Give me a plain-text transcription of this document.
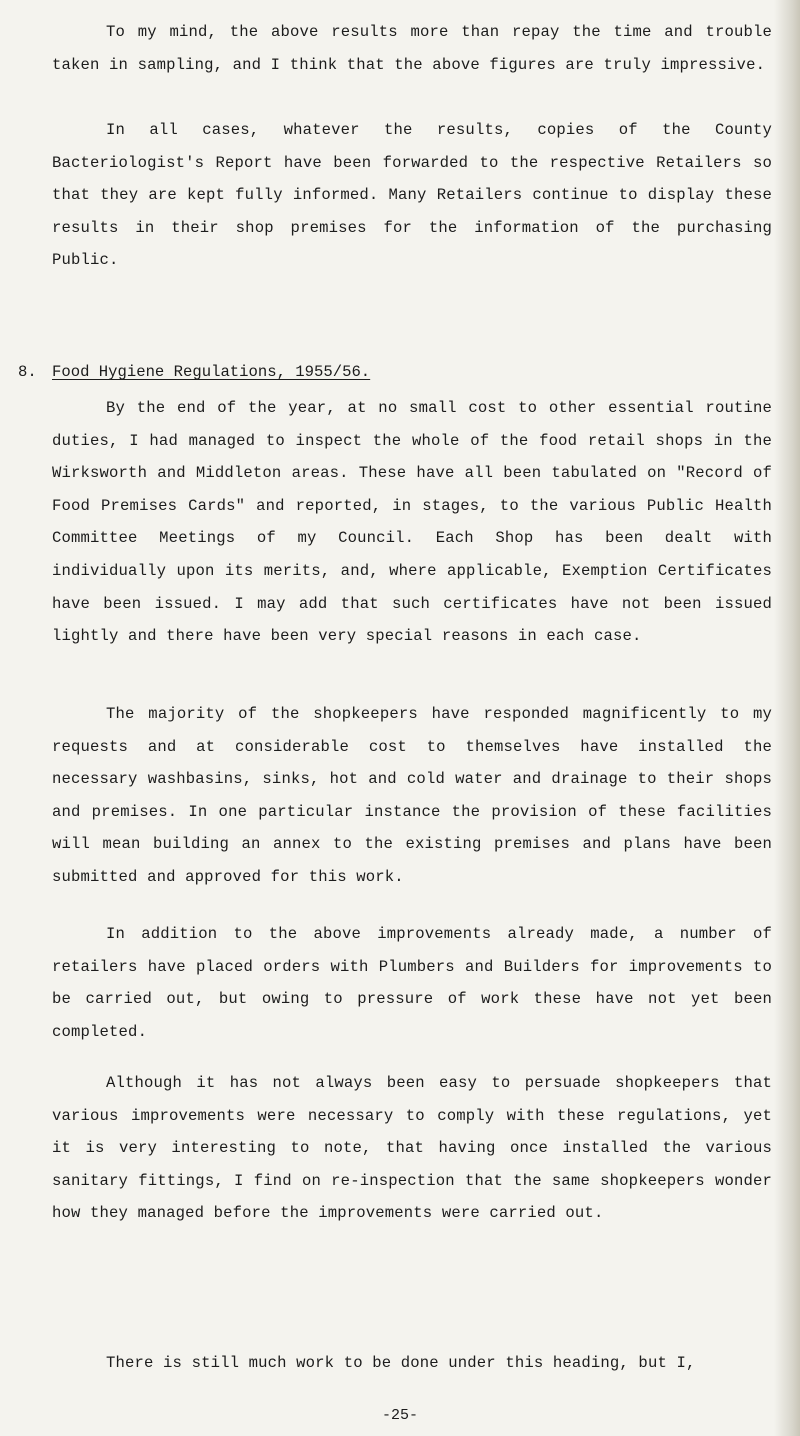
To my mind, the above results more than repay the time and trouble taken in sampling, and I think that the above figures are truly impressive.

In all cases, whatever the results, copies of the County Bacteriologist's Report have been forwarded to the respective Retailers so that they are kept fully informed. Many Retailers continue to display these results in their shop premises for the information of the purchasing Public.

8. Food Hygiene Regulations, 1955/56.

By the end of the year, at no small cost to other essential routine duties, I had managed to inspect the whole of the food retail shops in the Wirksworth and Middleton areas. These have all been tabulated on "Record of Food Premises Cards" and reported, in stages, to the various Public Health Committee Meetings of my Council. Each Shop has been dealt with individually upon its merits, and, where applicable, Exemption Certificates have been issued. I may add that such certificates have not been issued lightly and there have been very special reasons in each case.

The majority of the shopkeepers have responded magnificently to my requests and at considerable cost to themselves have installed the necessary washbasins, sinks, hot and cold water and drainage to their shops and premises. In one particular instance the provision of these facilities will mean building an annex to the existing premises and plans have been submitted and approved for this work.

In addition to the above improvements already made, a number of retailers have placed orders with Plumbers and Builders for improvements to be carried out, but owing to pressure of work these have not yet been completed.

Although it has not always been easy to persuade shopkeepers that various improvements were necessary to comply with these regulations, yet it is very interesting to note, that having once installed the various sanitary fittings, I find on re-inspection that the same shopkeepers wonder how they managed before the improvements were carried out.

There is still much work to be done under this heading, but I,

-25-
